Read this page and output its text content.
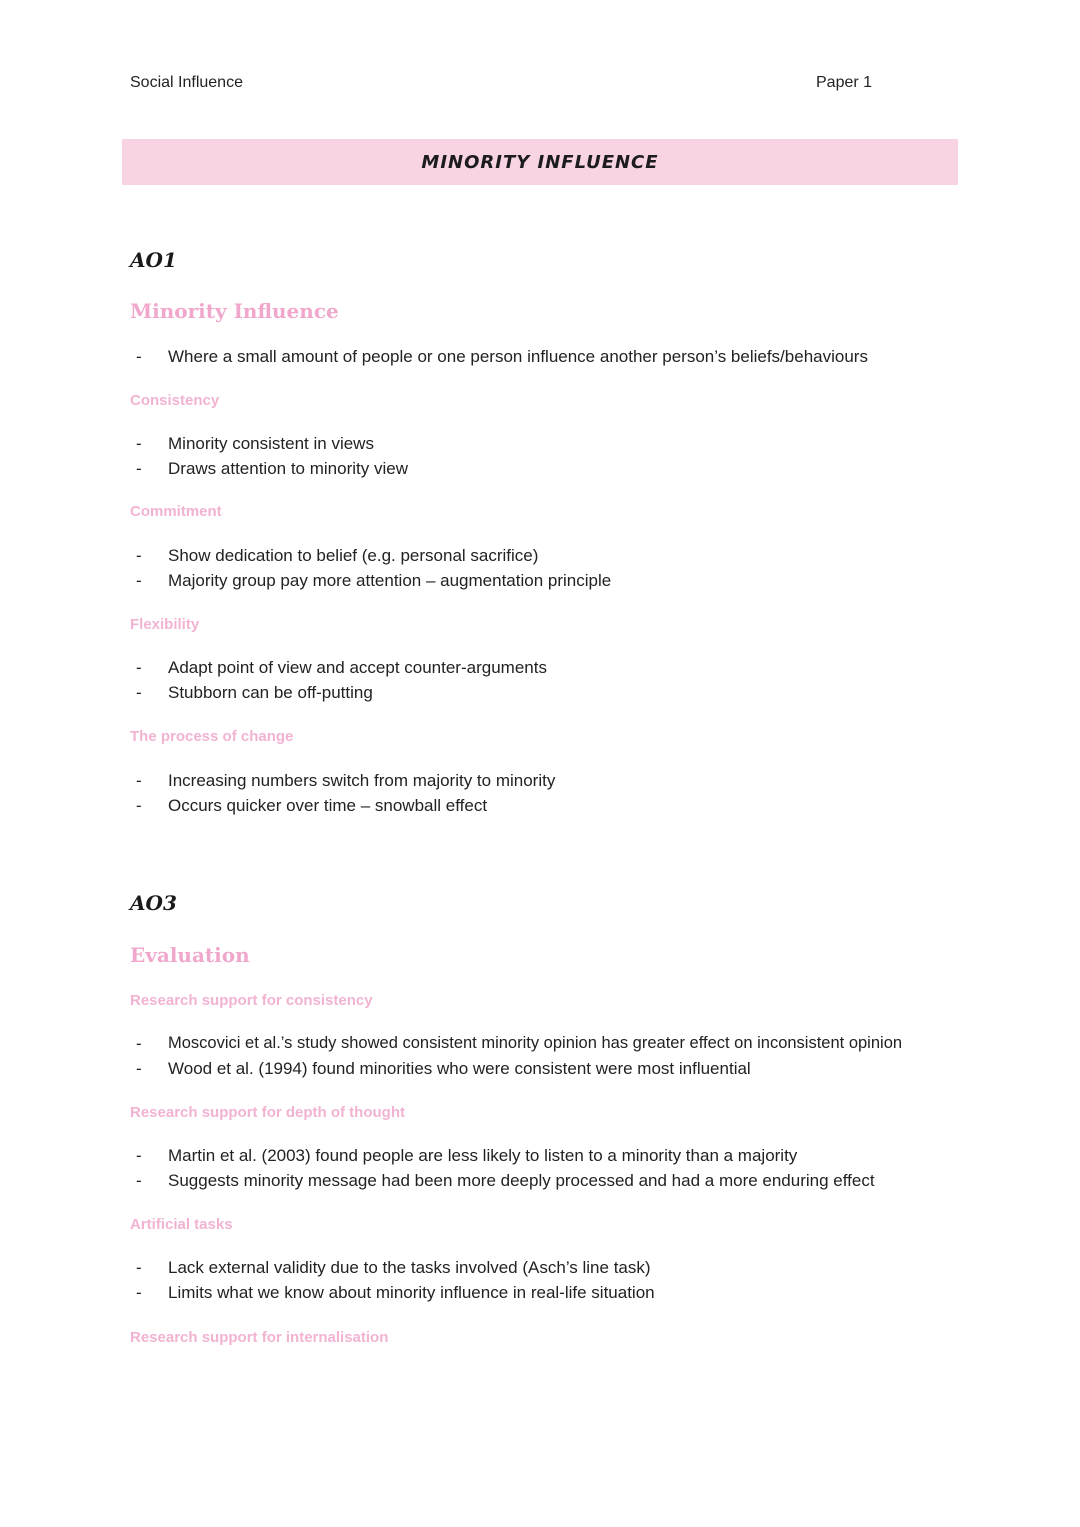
Social Influence	Paper 1
MINORITY INFLUENCE
AO1
Minority Influence
- Where a small amount of people or one person influence another person’s beliefs/behaviours
Consistency
- Minority consistent in views
- Draws attention to minority view
Commitment
- Show dedication to belief (e.g. personal sacrifice)
- Majority group pay more attention – augmentation principle
Flexibility
- Adapt point of view and accept counter-arguments
- Stubborn can be off-putting
The process of change
- Increasing numbers switch from majority to minority
- Occurs quicker over time – snowball effect
AO3
Evaluation
Research support for consistency
- Moscovici et al.’s study showed consistent minority opinion has greater effect on inconsistent opinion
- Wood et al. (1994) found minorities who were consistent were most influential
Research support for depth of thought
- Martin et al. (2003) found people are less likely to listen to a minority than a majority
- Suggests minority message had been more deeply processed and had a more enduring effect
Artificial tasks
- Lack external validity due to the tasks involved (Asch’s line task)
- Limits what we know about minority influence in real-life situation
Research support for internalisation
